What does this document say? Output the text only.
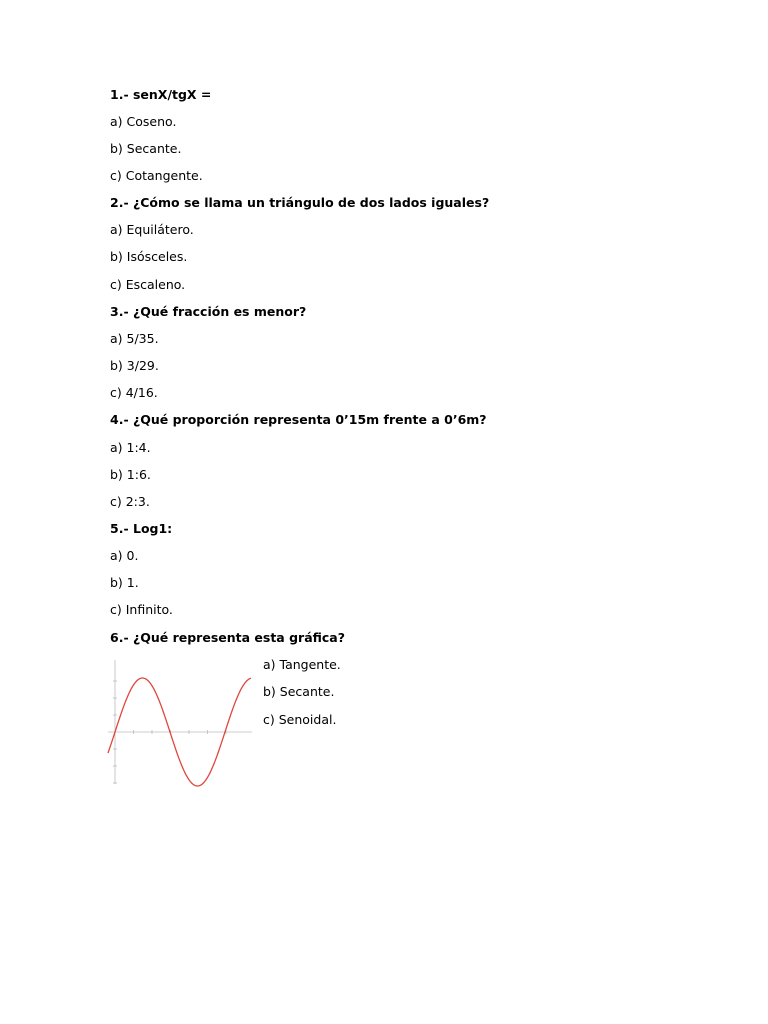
1.- senX/tgX =
a) Coseno.
b) Secante.
c) Cotangente.
2.- ¿Cómo se llama un triángulo de dos lados iguales?
a) Equilátero.
b) Isósceles.
c) Escaleno.
3.- ¿Qué fracción es menor?
a) 5/35.
b) 3/29.
c) 4/16.
4.- ¿Qué proporción representa 0’15m frente a 0’6m?
a) 1:4.
b) 1:6.
c) 2:3.
5.- Log1:
a) 0.
b) 1.
c) Infinito.
6.- ¿Qué representa esta gráfica?
a) Tangente.
b) Secante.
c) Senoidal.
